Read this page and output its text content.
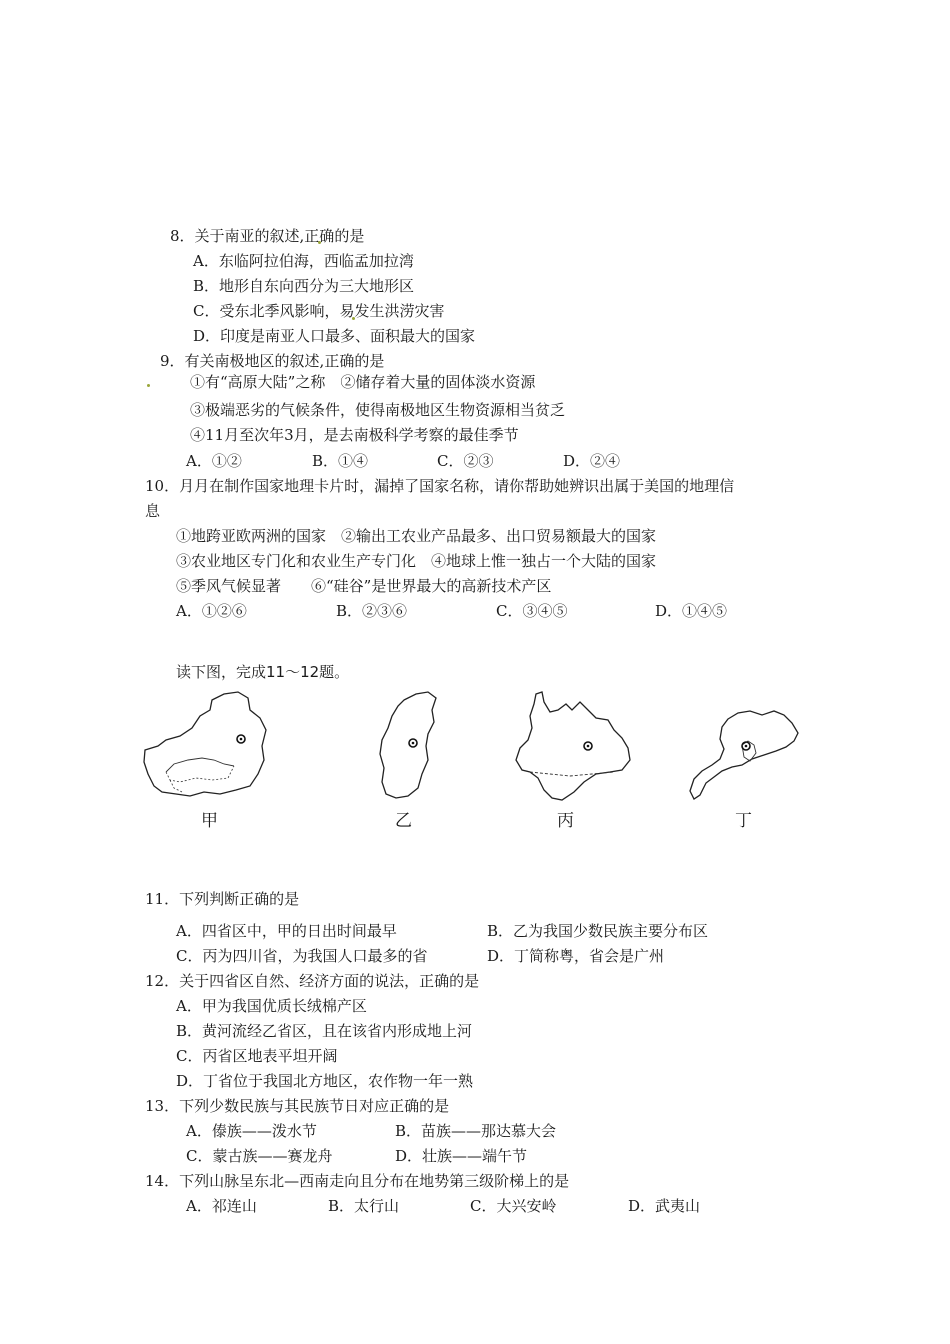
8．关于南亚的叙述,正确的是
A．东临阿拉伯海，西临孟加拉湾
B．地形自东向西分为三大地形区
C．受东北季风影响，易发生洪涝灾害
D．印度是南亚人口最多、面积最大的国家
9．有关南极地区的叙述,正确的是
①有“高原大陆”之称　②储存着大量的固体淡水资源
③极端恶劣的气候条件，使得南极地区生物资源相当贫乏
④11月至次年3月，是去南极科学考察的最佳季节
A．①②	B．①④	C．②③	D．②④
10．月月在制作国家地理卡片时，漏掉了国家名称，请你帮助她辨识出属于美国的地理信
息
①地跨亚欧两洲的国家　②输出工农业产品最多、出口贸易额最大的国家
③农业地区专门化和农业生产专门化　④地球上惟一独占一个大陆的国家
⑤季风气候显著　　⑥“硅谷”是世界最大的高新技术产区
A．①②⑥	B．②③⑥	C．③④⑤	D．①④⑤
读下图，完成11～12题。
甲	乙	丙	丁
11．下列判断正确的是
A．四省区中，甲的日出时间最早	B．乙为我国少数民族主要分布区
C．丙为四川省，为我国人口最多的省	D．丁简称粤，省会是广州
12．关于四省区自然、经济方面的说法，正确的是
A．甲为我国优质长绒棉产区
B．黄河流经乙省区，且在该省内形成地上河
C．丙省区地表平坦开阔
D．丁省位于我国北方地区，农作物一年一熟
13．下列少数民族与其民族节日对应正确的是
A．傣族——泼水节	B．苗族——那达慕大会
C．蒙古族——赛龙舟	D．壮族——端午节
14．下列山脉呈东北—西南走向且分布在地势第三级阶梯上的是
A．祁连山	B．太行山	C．大兴安岭	D．武夷山
